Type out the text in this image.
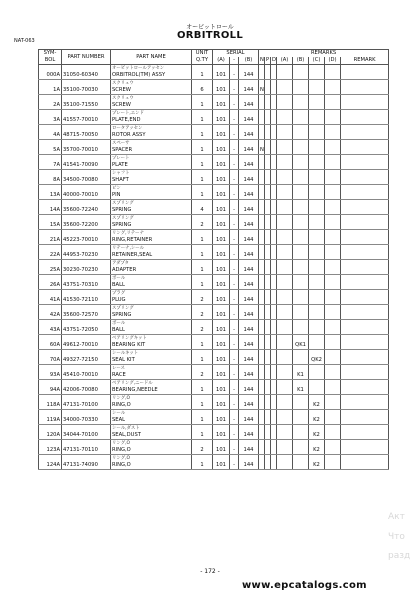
NAT-063
オービットロール
ORBITROLL
SYM-	PART NUMBER	PART NAME	UNIT	SERIAL			REMARKS							
BOL			Q.TY	(A)	-	(B)	N	P	D	(A)	(B)	(C)	(D)	REMARK
		オービットロールアッセン												
000A	31050-60340	ORBITROL(TM) ASSY	1	101	-	144								
		スクリュウ												
1A	35100-70030	SCREW	6	101	-	144	N							
		スクリュウ												
2A	35100-71550	SCREW	1	101	-	144								
		プレート,エンド												
3A	41557-70010	PLATE,END	1	101	-	144								
		ロータアッセン												
4A	48715-70050	ROTOR ASSY	1	101	-	144								
		スペーサ												
5A	35700-70010	SPACER	1	101	-	144	N							
		プレート												
7A	41541-70090	PLATE	1	101	-	144								
		シャフト												
8A	34500-70080	SHAFT	1	101	-	144								
		ピン												
13A	40000-70010	PIN	1	101	-	144								
		スプリング												
14A	35600-72240	SPRING	4	101	-	144								
		スプリング												
15A	35600-72200	SPRING	2	101	-	144								
		リング,リテーナ												
21A	45223-70010	RING,RETAINER	1	101	-	144								
		リテーナ,シール												
22A	44953-70230	RETAINER,SEAL	1	101	-	144								
		アダプタ												
25A	30230-70230	ADAPTER	1	101	-	144								
		ボール												
26A	43751-70310	BALL	1	101	-	144								
		プラグ												
41A	41530-72110	PLUG	2	101	-	144								
		スプリング												
42A	35600-72570	SPRING	2	101	-	144								
		ボール												
43A	43751-72050	BALL	2	101	-	144								
		ベアリングキット												
60A	49612-70010	BEARING KIT	1	101	-	144					QK1			
		シールキット												
70A	49327-72150	SEAL KIT	1	101	-	144						QK2		
		レース												
93A	45410-70010	RACE	2	101	-	144					K1			
		ベアリング,ニードル												
94A	42006-70080	BEARING,NEEDLE	1	101	-	144					K1			
		リング,O												
118A	47131-70100	RING,O	1	101	-	144						K2		
		シール												
119A	34000-70330	SEAL	1	101	-	144						K2		
		シール,ダスト												
120A	34044-70100	SEAL,DUST	1	101	-	144						K2		
		リング,O												
123A	47131-70110	RING,O	2	101	-	144						K2		
		リング,O												
124A	47131-74090	RING,O	1	101	-	144						K2		
- 172 -
www.epcatalogs.com
Акт
Что
разд
